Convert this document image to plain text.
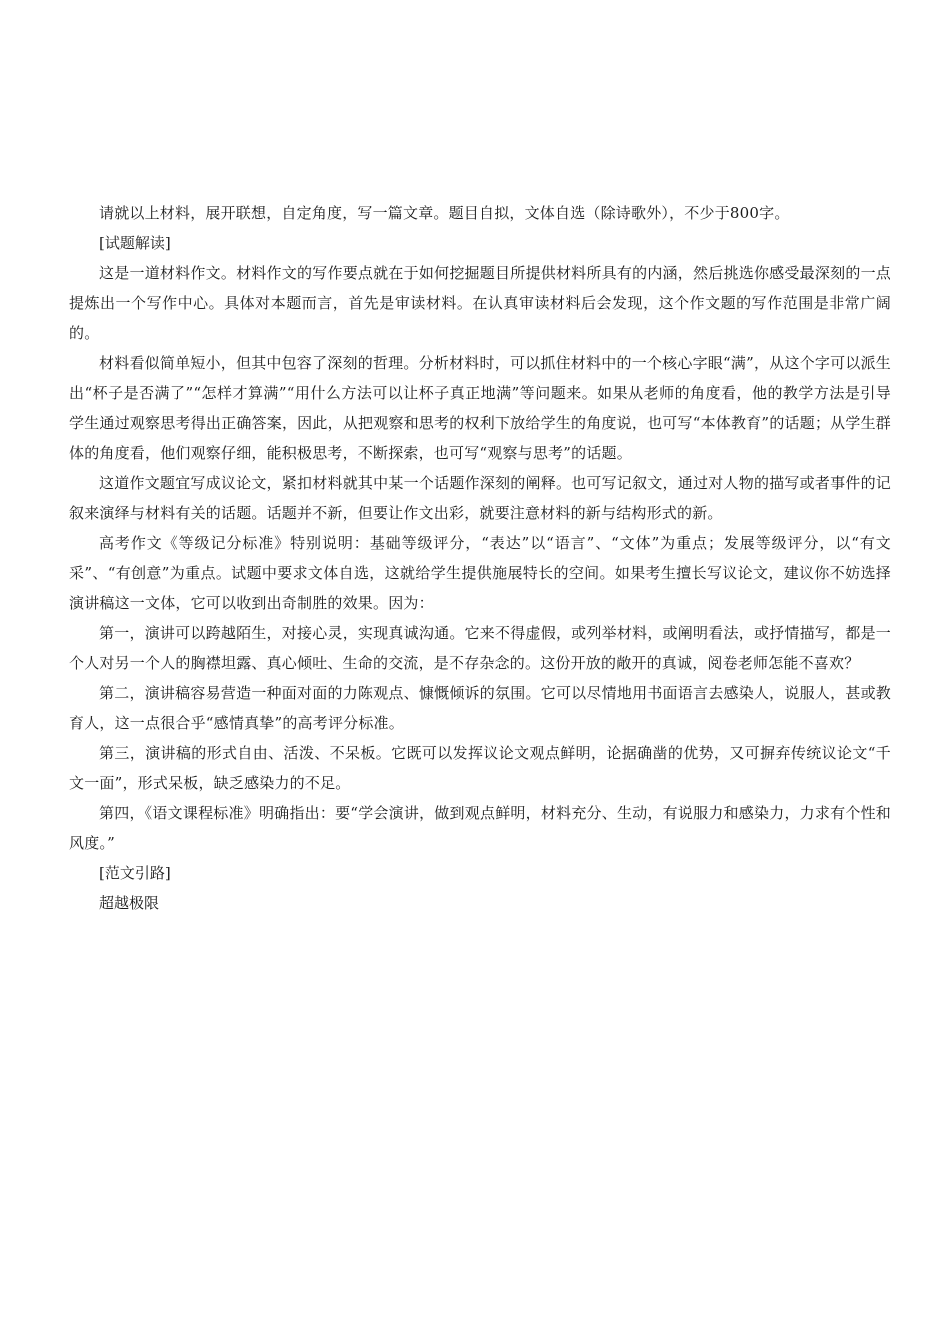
请就以上材料，展开联想，自定角度，写一篇文章。题目自拟，文体自选（除诗歌外），不少于800字。

[试题解读]

这是一道材料作文。材料作文的写作要点就在于如何挖掘题目所提供材料所具有的内涵，然后挑选你感受最深刻的一点提炼出一个写作中心。具体对本题而言，首先是审读材料。在认真审读材料后会发现，这个作文题的写作范围是非常广阔的。

材料看似简单短小，但其中包容了深刻的哲理。分析材料时，可以抓住材料中的一个核心字眼“满”，从这个字可以派生出“杯子是否满了”“怎样才算满”“用什么方法可以让杯子真正地满”等问题来。如果从老师的角度看，他的教学方法是引导学生通过观察思考得出正确答案，因此，从把观察和思考的权利下放给学生的角度说，也可写“本体教育”的话题；从学生群体的角度看，他们观察仔细，能积极思考，不断探索，也可写“观察与思考”的话题。

这道作文题宜写成议论文，紧扣材料就其中某一个话题作深刻的阐释。也可写记叙文，通过对人物的描写或者事件的记叙来演绎与材料有关的话题。话题并不新，但要让作文出彩，就要注意材料的新与结构形式的新。

高考作文《等级记分标准》特别说明：基础等级评分，“表达”以“语言”、“文体”为重点；发展等级评分，以“有文采”、“有创意”为重点。试题中要求文体自选，这就给学生提供施展特长的空间。如果考生擅长写议论文，建议你不妨选择演讲稿这一文体，它可以收到出奇制胜的效果。因为：

第一，演讲可以跨越陌生，对接心灵，实现真诚沟通。它来不得虚假，或列举材料，或阐明看法，或抒情描写，都是一个人对另一个人的胸襟坦露、真心倾吐、生命的交流，是不存杂念的。这份开放的敞开的真诚，阅卷老师怎能不喜欢？

第二，演讲稿容易营造一种面对面的力陈观点、慷慨倾诉的氛围。它可以尽情地用书面语言去感染人，说服人，甚或教育人，这一点很合乎“感情真挚”的高考评分标准。

第三，演讲稿的形式自由、活泼、不呆板。它既可以发挥议论文观点鲜明，论据确凿的优势，又可摒弃传统议论文“千文一面”，形式呆板，缺乏感染力的不足。

第四，《语文课程标准》明确指出：要“学会演讲，做到观点鲜明，材料充分、生动，有说服力和感染力，力求有个性和风度。”

[范文引路]

超越极限
